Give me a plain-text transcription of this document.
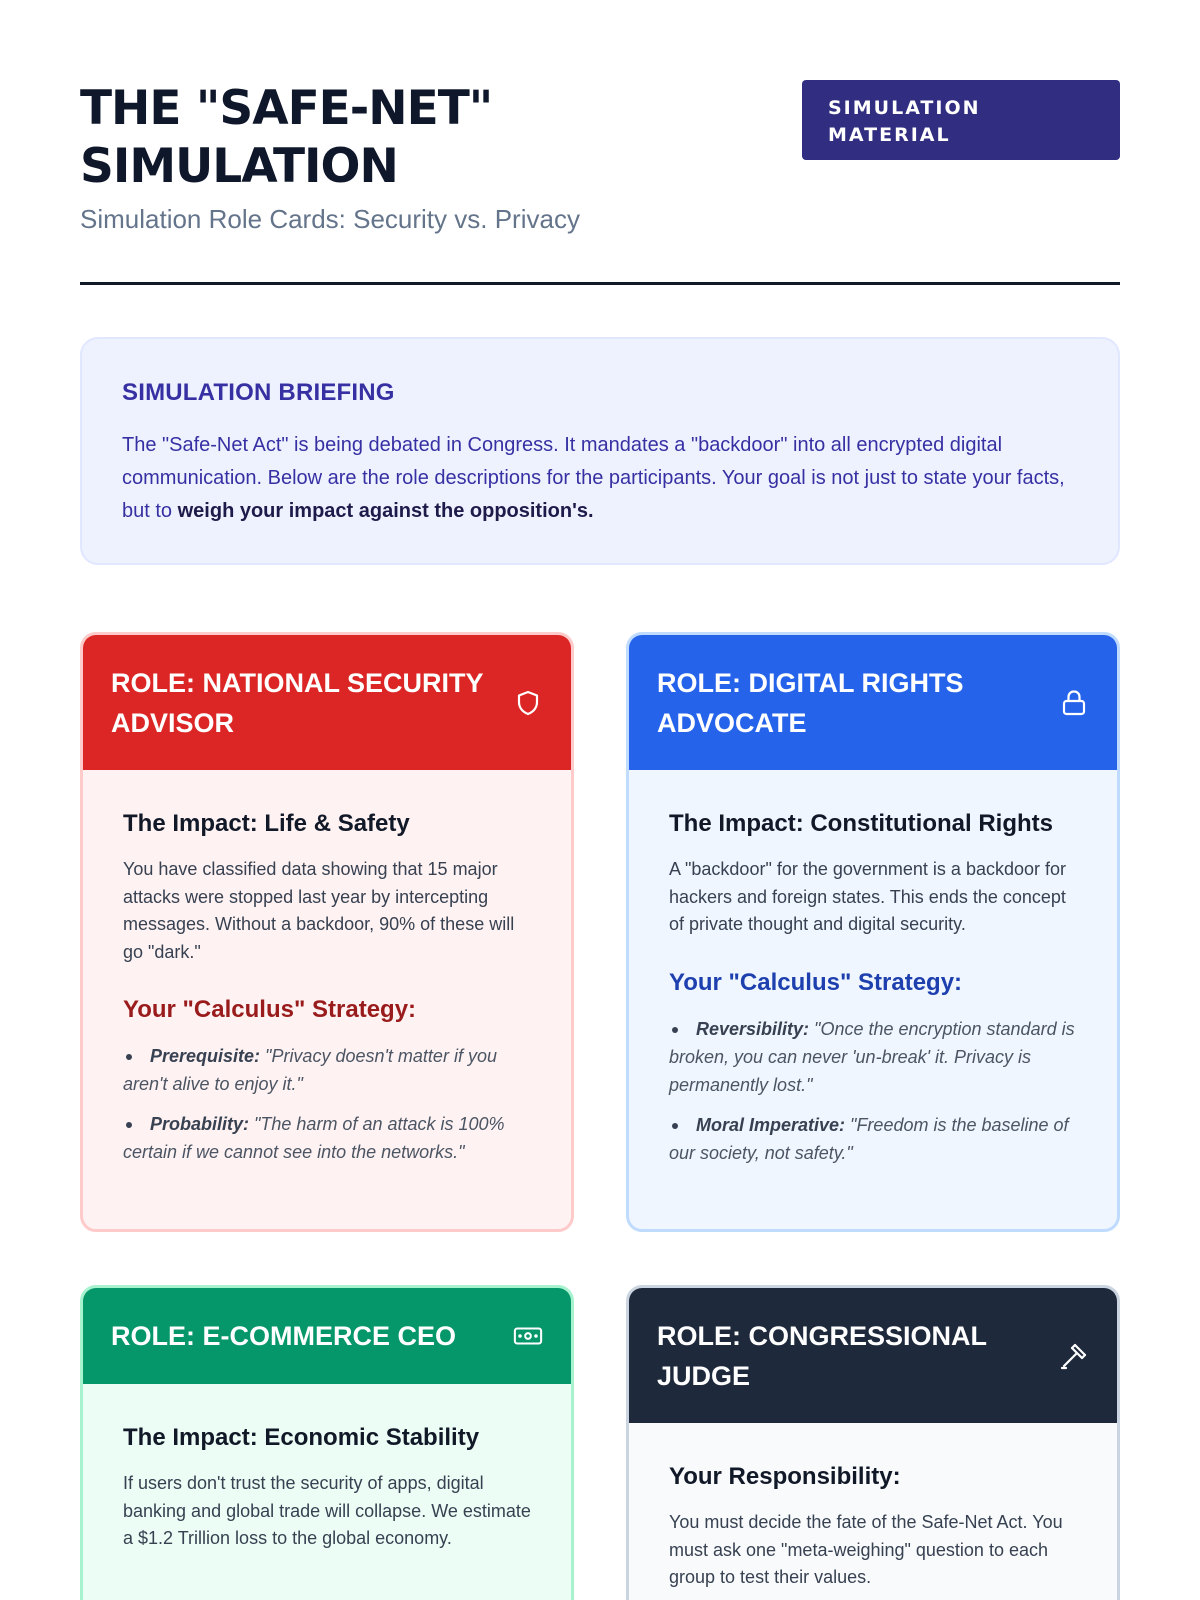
THE "SAFE-NET" SIMULATION
Simulation Role Cards: Security vs. Privacy
SIMULATION MATERIAL
SIMULATION BRIEFING

The "Safe-Net Act" is being debated in Congress. It mandates a "backdoor" into all encrypted digital communication. Below are the role descriptions for the participants. Your goal is not just to state your facts, but to weigh your impact against the opposition's.

ROLE: NATIONAL SECURITY ADVISOR
The Impact: Life & Safety

You have classified data showing that 15 major attacks were stopped last year by intercepting messages. Without a backdoor, 90% of these will go "dark."

Your "Calculus" Strategy:
Prerequisite: "Privacy doesn't matter if you aren't alive to enjoy it."
Probability: "The harm of an attack is 100% certain if we cannot see into the networks."
ROLE: DIGITAL RIGHTS ADVOCATE
The Impact: Constitutional Rights

A "backdoor" for the government is a backdoor for hackers and foreign states. This ends the concept of private thought and digital security.

Your "Calculus" Strategy:
Reversibility: "Once the encryption standard is broken, you can never 'un-break' it. Privacy is permanently lost."
Moral Imperative: "Freedom is the baseline of our society, not safety."
ROLE: E-COMMERCE CEO
The Impact: Economic Stability

If users don't trust the security of apps, digital banking and global trade will collapse. We estimate a $1.2 Trillion loss to the global economy.

ROLE: CONGRESSIONAL JUDGE
Your Responsibility:

You must decide the fate of the Safe-Net Act. You must ask one "meta-weighing" question to each group to test their values.
